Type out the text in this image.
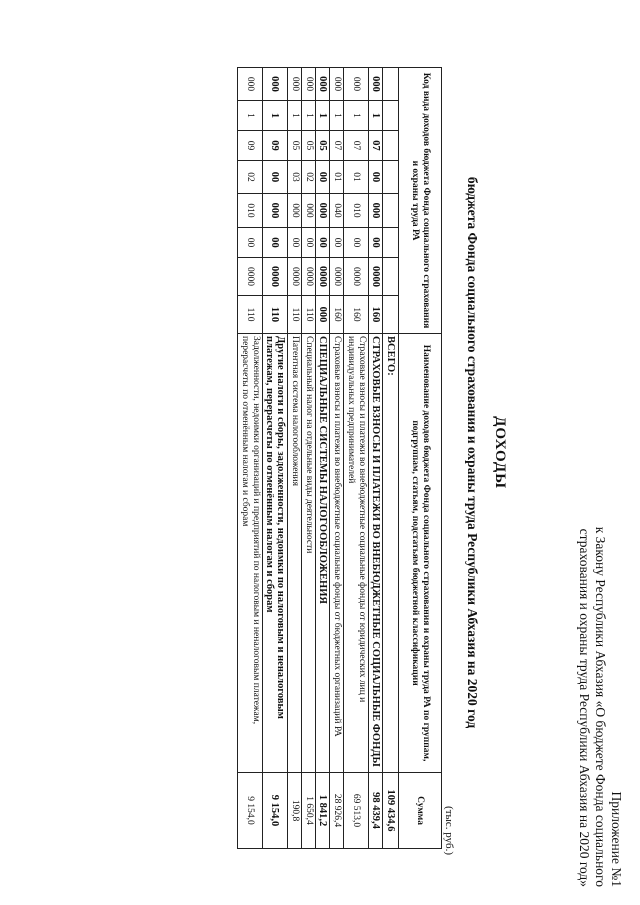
Приложение №1
к Закону Республики Абхазия «О бюджете Фонда социального
страхования и охраны труда Республики Абхазия на 2020 год»
ДОХОДЫ
бюджета Фонда социального страхования и охраны труда Республики Абхазия на 2020 год
(тыс. руб.)
Код вида доходов бюджета Фонда социального страхования и охраны труда РА								Наименование доходов бюджета Фонда социального страхования и охраны труда РА по группам, подгруппам, статьям, подстатьям бюджетной классификации	Сумма
								ВСЕГО:	109 434,6
000	1	07	00	000	00	0000	160	СТРАХОВЫЕ ВЗНОСЫ И ПЛАТЕЖИ ВО ВНЕБЮДЖЕТНЫЕ СОЦИАЛЬНЫЕ ФОНДЫ	98 439,4
000	1	07	01	010	00	0000	160	Страховые взносы и платежи во внебюджетные социальные фонды от юридических лиц и индивидуальных предпринимателей	69 513,0
000	1	07	01	040	00	0000	160	Страховые взносы и платежи во внебюджетные социальные фонды от бюджетных организаций РА	28 926,4
000	1	05	00	000	00	0000	000	СПЕЦИАЛЬНЫЕ СИСТЕМЫ НАЛОГООБЛОЖЕНИЯ	1 841,2
000	1	05	02	000	00	0000	110	Специальный налог на отдельные виды деятельности	1 650,4
000	1	05	03	000	00	0000	110	Патентная система налогообложения	190,8
000	1	09	00	000	00	0000	110	Другие налоги и сборы, задолженности, недоимки по налоговым и неналоговым платежам, перерасчеты по отменённым налогам и сборам	9 154,0
000	1	09	02	010	00	0000	110	Задолженности, недоимки организаций и предприятий по налоговым и неналоговым платежам, перерасчеты по отменённым налогам и сборам	9 154,0
